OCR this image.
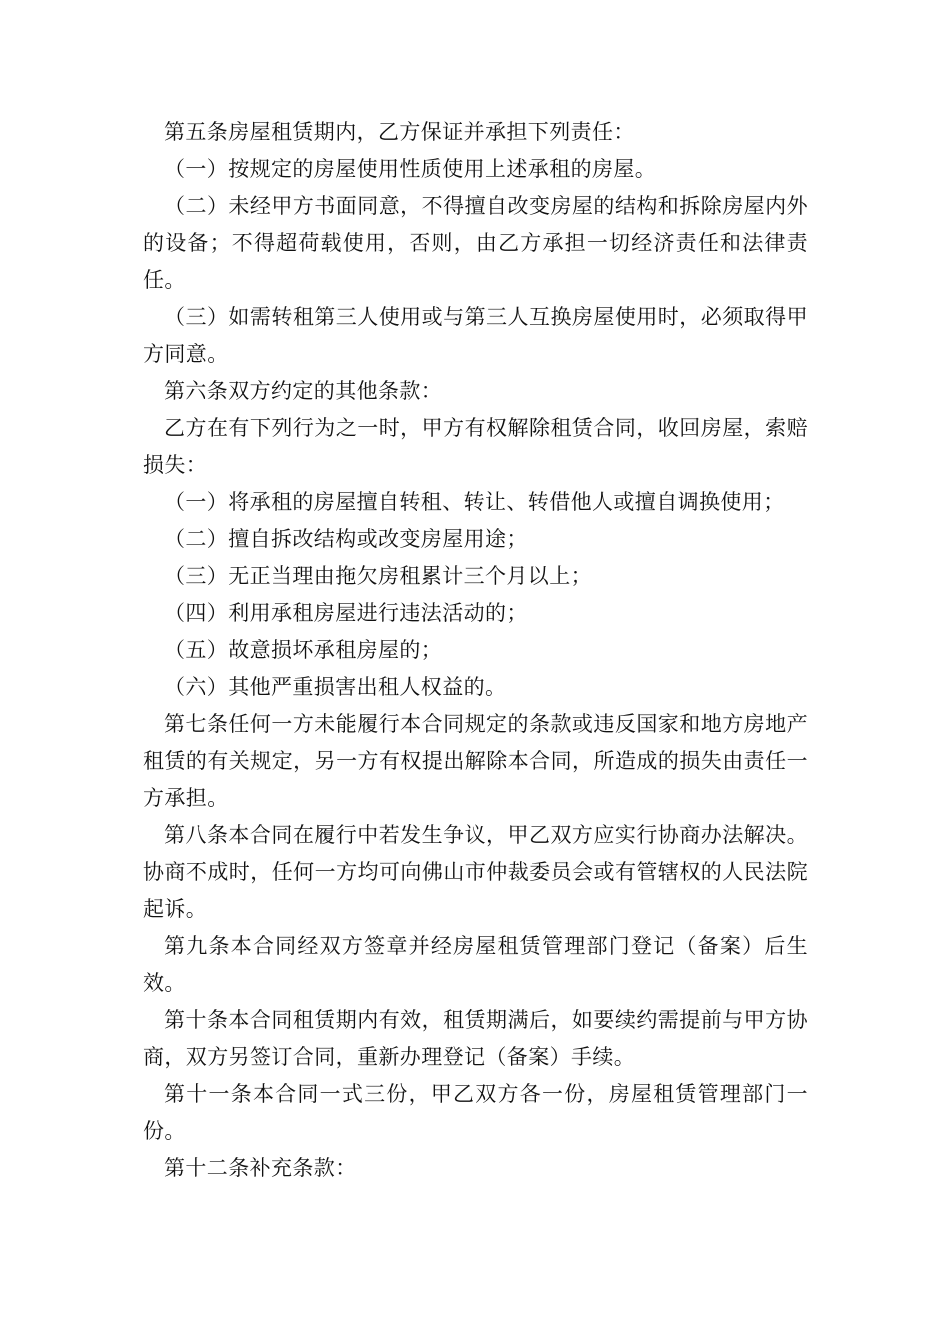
第五条房屋租赁期内，乙方保证并承担下列责任：

（一）按规定的房屋使用性质使用上述承租的房屋。

（二）未经甲方书面同意，不得擅自改变房屋的结构和拆除房屋内外的设备；不得超荷载使用，否则，由乙方承担一切经济责任和法律责任。

（三）如需转租第三人使用或与第三人互换房屋使用时，必须取得甲方同意。

第六条双方约定的其他条款：

乙方在有下列行为之一时，甲方有权解除租赁合同，收回房屋，索赔损失：

（一）将承租的房屋擅自转租、转让、转借他人或擅自调换使用；

（二）擅自拆改结构或改变房屋用途；

（三）无正当理由拖欠房租累计三个月以上；

（四）利用承租房屋进行违法活动的；

（五）故意损坏承租房屋的；

（六）其他严重损害出租人权益的。

第七条任何一方未能履行本合同规定的条款或违反国家和地方房地产租赁的有关规定，另一方有权提出解除本合同，所造成的损失由责任一方承担。

第八条本合同在履行中若发生争议，甲乙双方应实行协商办法解决。协商不成时，任何一方均可向佛山市仲裁委员会或有管辖权的人民法院起诉。

第九条本合同经双方签章并经房屋租赁管理部门登记（备案）后生效。

第十条本合同租赁期内有效，租赁期满后，如要续约需提前与甲方协商，双方另签订合同，重新办理登记（备案）手续。

第十一条本合同一式三份，甲乙双方各一份，房屋租赁管理部门一份。

第十二条补充条款：
